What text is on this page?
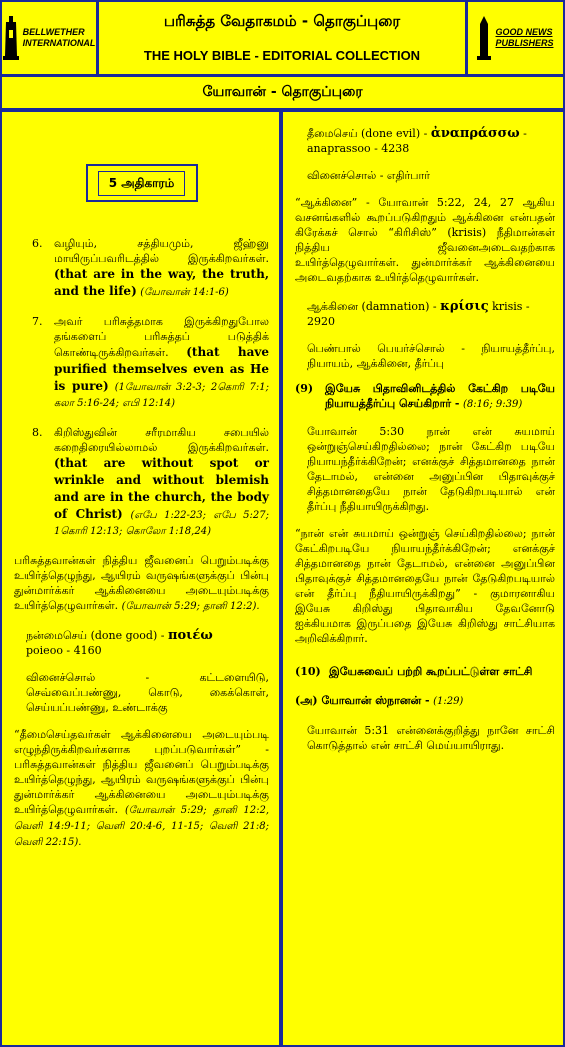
BELLWETHER
INTERNATIONAL
பரிசுத்த வேதாகமம் - தொகுப்புரை
THE HOLY BIBLE - EDITORIAL COLLECTION
GOOD NEWS
PUBLISHERS
யோவான் - தொகுப்புரை
5 அதிகாரம்
6.	வழியும், சத்தியமும், ஜீஹ்னு மாயிருப்பவரிடத்தில் இருக்கிறவர்கள். (that are in the way, the truth, and the life) (யோவான் 14:1-6)
7.	அவர் பரிசுத்தமாக இருக்கிறதுபோல தங்களைப் பரிசுத்தப் படுத்திக் கொண்டிருக்கிறவர்கள். (that have purified themselves even as He is pure) (1யோவான் 3:2-3; 2கொரி 7:1; கலா 5:16-24; எபி 12:14)
8.	கிறிஸ்துவின் சரீரமாகிய சபையில் கறைதிரையில்லாமல் இருக்கிறவர்கள். (that are without spot or wrinkle and without blemish and are in the church, the body of Christ) (எபே 1:22-23; எபே 5:27; 1கொரி 12:13; கொலோ 1:18,24)

பரிசுத்தவான்கள் நித்திய ஜீவனைப் பெறும்படிக்கு உயிர்த்தெழுந்து, ஆயிரம் வருஷங்களுக்குப் பின்பு துன்மார்க்கர் ஆக்கினையை அடையும்படிக்கு உயிர்த்தெழுவார்கள். (யோவான் 5:29; தானி 12:2).

நன்மைசெய் (done good) - ποιέω
poieoo - 4160

வினைச்சொல் - கட்டளையிடு, செவ்வைப்பண்ணு, கொடு, கைக்கொள், செய்யப்பண்ணு, உண்டாக்கு

“தீமைசெய்தவர்கள் ஆக்கினையை அடையும்படி எழுந்திருக்கிறவர்களாக புறப்படுவார்கள்” - பரிசுத்தவான்கள் நித்திய ஜீவனைப் பெறும்படிக்கு உயிர்த்தெழுந்து, ஆயிரம் வருஷங்களுக்குப் பின்பு துன்மார்க்கர் ஆக்கினையை அடையும்படிக்கு உயிர்த்தெழுவார்கள். (யோவான் 5:29; தானி 12:2, வெளி 14:9-11; வெளி 20:4-6, 11-15; வெளி 21:8; வெளி 22:15).

தீமைசெய் (done evil) - ἀναπράσσω - anaprassoo - 4238

வினைச்சொல் - எதிர்பார்

“ஆக்கினை” - யோவான் 5:22, 24, 27 ஆகிய வசனங்களில் கூறப்படுகிறதும் ஆக்கினை என்பதன் கிரேக்கச் சொல் “கிரிசிஸ்” (krisis) நீதிமான்கள் நித்திய ஜீவனைஅடைவதற்காக உயிர்த்தெழுவார்கள். துன்மார்க்கர் ஆக்கினையை அடைவதற்காக உயிர்த்தெழுவார்கள்.

ஆக்கினை (damnation) - κρίσις krisis - 2920

பெண்பால் பெயர்ச்சொல் - நியாயத்தீர்ப்பு, நியாயம், ஆக்கினை, தீர்ப்பு

(9)	இயேசு பிதாவினிடத்தில் கேட்கிற படியே நியாயத்தீர்ப்பு செய்கிறார் - (8:16; 9:39)

யோவான் 5:30 நான் என் சுயமாய் ஒன்றுஞ்செய்கிறதில்லை; நான் கேட்கிற படியே நியாயந்தீர்க்கிறேன்; எனக்குச் சித்தமானதை நான் தேடாமல், என்னை அனுப்பின பிதாவுக்குச் சித்தமானதையே நான் தேடுகிறபடியால் என் தீர்ப்பு நீதியாயிருக்கிறது.

“நான் என் சுயமாய் ஒன்றுஞ் செய்கிறதில்லை; நான் கேட்கிறபடியே நியாயந்தீர்க்கிறேன்; எனக்குச் சித்தமானதை நான் தேடாமல், என்னை அனுப்பின பிதாவுக்குச் சித்தமானதையே நான் தேடுகிறபடியால் என் தீர்ப்பு நீதியாயிருக்கிறது” - குமாரனாகிய இயேசு கிறிஸ்து பிதாவாகிய தேவனோடு ஐக்கியமாக இருப்பதை இயேசு கிறிஸ்து சாட்சியாக அறிவிக்கிறார்.

(10) இயேசுவைப் பற்றி கூறப்பட்டுள்ள சாட்சி

(அ) யோவான் ஸ்நானன் - (1:29)

யோவான் 5:31 என்னைக்குறித்து நானே சாட்சி கொடுத்தால் என் சாட்சி மெய்யாயிராது.
